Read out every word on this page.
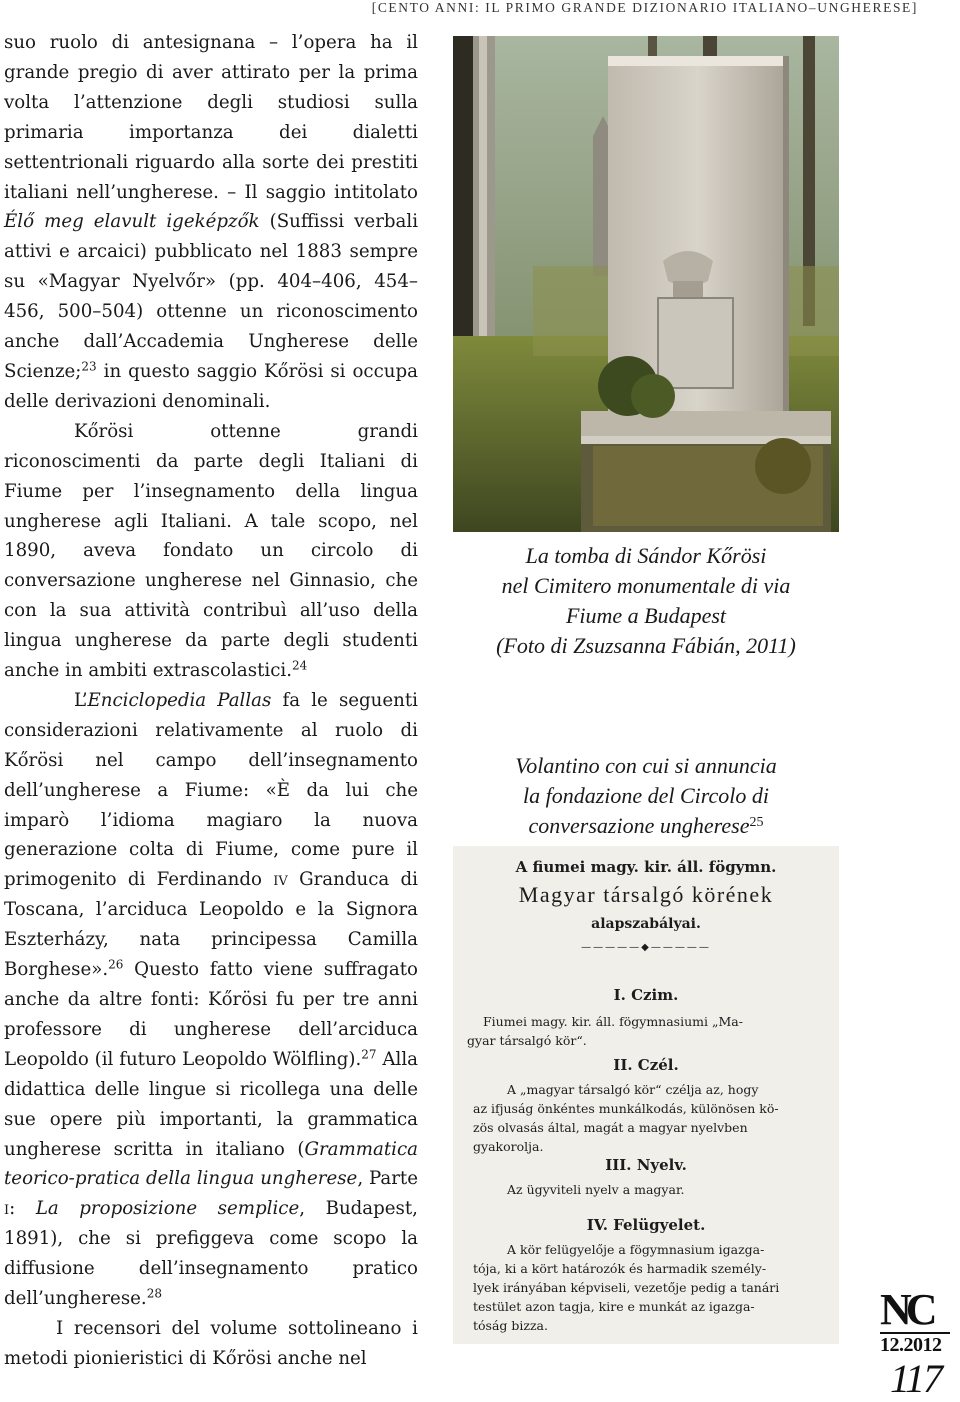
[CENTO ANNI: IL PRIMO GRANDE DIZIONARIO ITALIANO–UNGHERESE]

suo ruolo di antesignana – l’opera ha il grande pregio di aver attirato per la prima volta l’attenzione degli studiosi sulla primaria importanza dei dialetti settentrionali riguardo alla sorte dei prestiti italiani nell’ungherese. – Il saggio intitolato Élő meg elavult igeképzők (Suffissi verbali attivi e arcaici) pubblicato nel 1883 sempre su «Magyar Nyelvőr» (pp. 404–406, 454–456, 500–504) ottenne un riconoscimento anche dall’Accademia Ungherese delle Scienze;$^{23}$ in questo saggio Kőrösi si occupa delle derivazioni denominali.

Kőrösi ottenne grandi riconoscimenti da parte degli Italiani di Fiume per l’insegnamento della lingua ungherese agli Italiani. A tale scopo, nel 1890, aveva fondato un circolo di conversazione ungherese nel Ginnasio, che con la sua attività contribuì all’uso della lingua ungherese da parte degli studenti anche in ambiti extrascolastici.$^{24}$

L’Enciclopedia Pallas fa le seguenti considerazioni relativamente al ruolo di Kőrösi nel campo dell’insegnamento dell’ungherese a Fiume: «È da lui che imparò l’idioma magiaro la nuova generazione colta di Fiume, come pure il primogenito di Ferdinando iv Granduca di Toscana, l’arciduca Leopoldo e la Signora Eszterházy, nata principessa Camilla Borghese».$^{26}$ Questo fatto viene suffragato anche da altre fonti: Kőrösi fu per tre anni professore di ungherese dell’arciduca Leopoldo (il futuro Leopoldo Wölfling).$^{27}$ Alla didattica delle lingue si ricollega una delle sue opere più importanti, la grammatica ungherese scritta in italiano (Grammatica teorico-pratica della lingua ungherese, Parte i: La proposizione semplice, Budapest, 1891), che si prefiggeva come scopo la diffusione dell’insegnamento pratico dell’ungherese.$^{28}$

I recensori del volume sottolineano i metodi pionieristici di Kőrösi anche nel

La tomba di Sándor Kőrösi
nel Cimitero monumentale di via
Fiume a Budapest
(Foto di Zsuzsanna Fábián, 2011)
Volantino con cui si annuncia
la fondazione del Circolo di
conversazione ungherese$^{25}$
A fiumei magy. kir. áll. fögymn.
Magyar társalgó körének
alapszabályai.
—————◆—————
I. Czim.
Fiumei magy. kir. áll. fögymnasiumi „Ma-
gyar társalgó kör“.
II. Czél.
A „magyar társalgó kör“ czélja az, hogy
az ifjuság önkéntes munkálkodás, különösen kö-
zös olvasás által, magát a magyar nyelvben
gyakorolja.
III. Nyelv.
Az ügyviteli nyelv a magyar.
IV. Felügyelet.
A kör felügyelője a fögymnasium igazga-
tója, ki a kört határozók és harmadik személy-
lyek irányában képviseli, vezetője pedig a tanári
testület azon tagja, kire e munkát az igazga-
tóság bizza.	NC
12.2012
117
